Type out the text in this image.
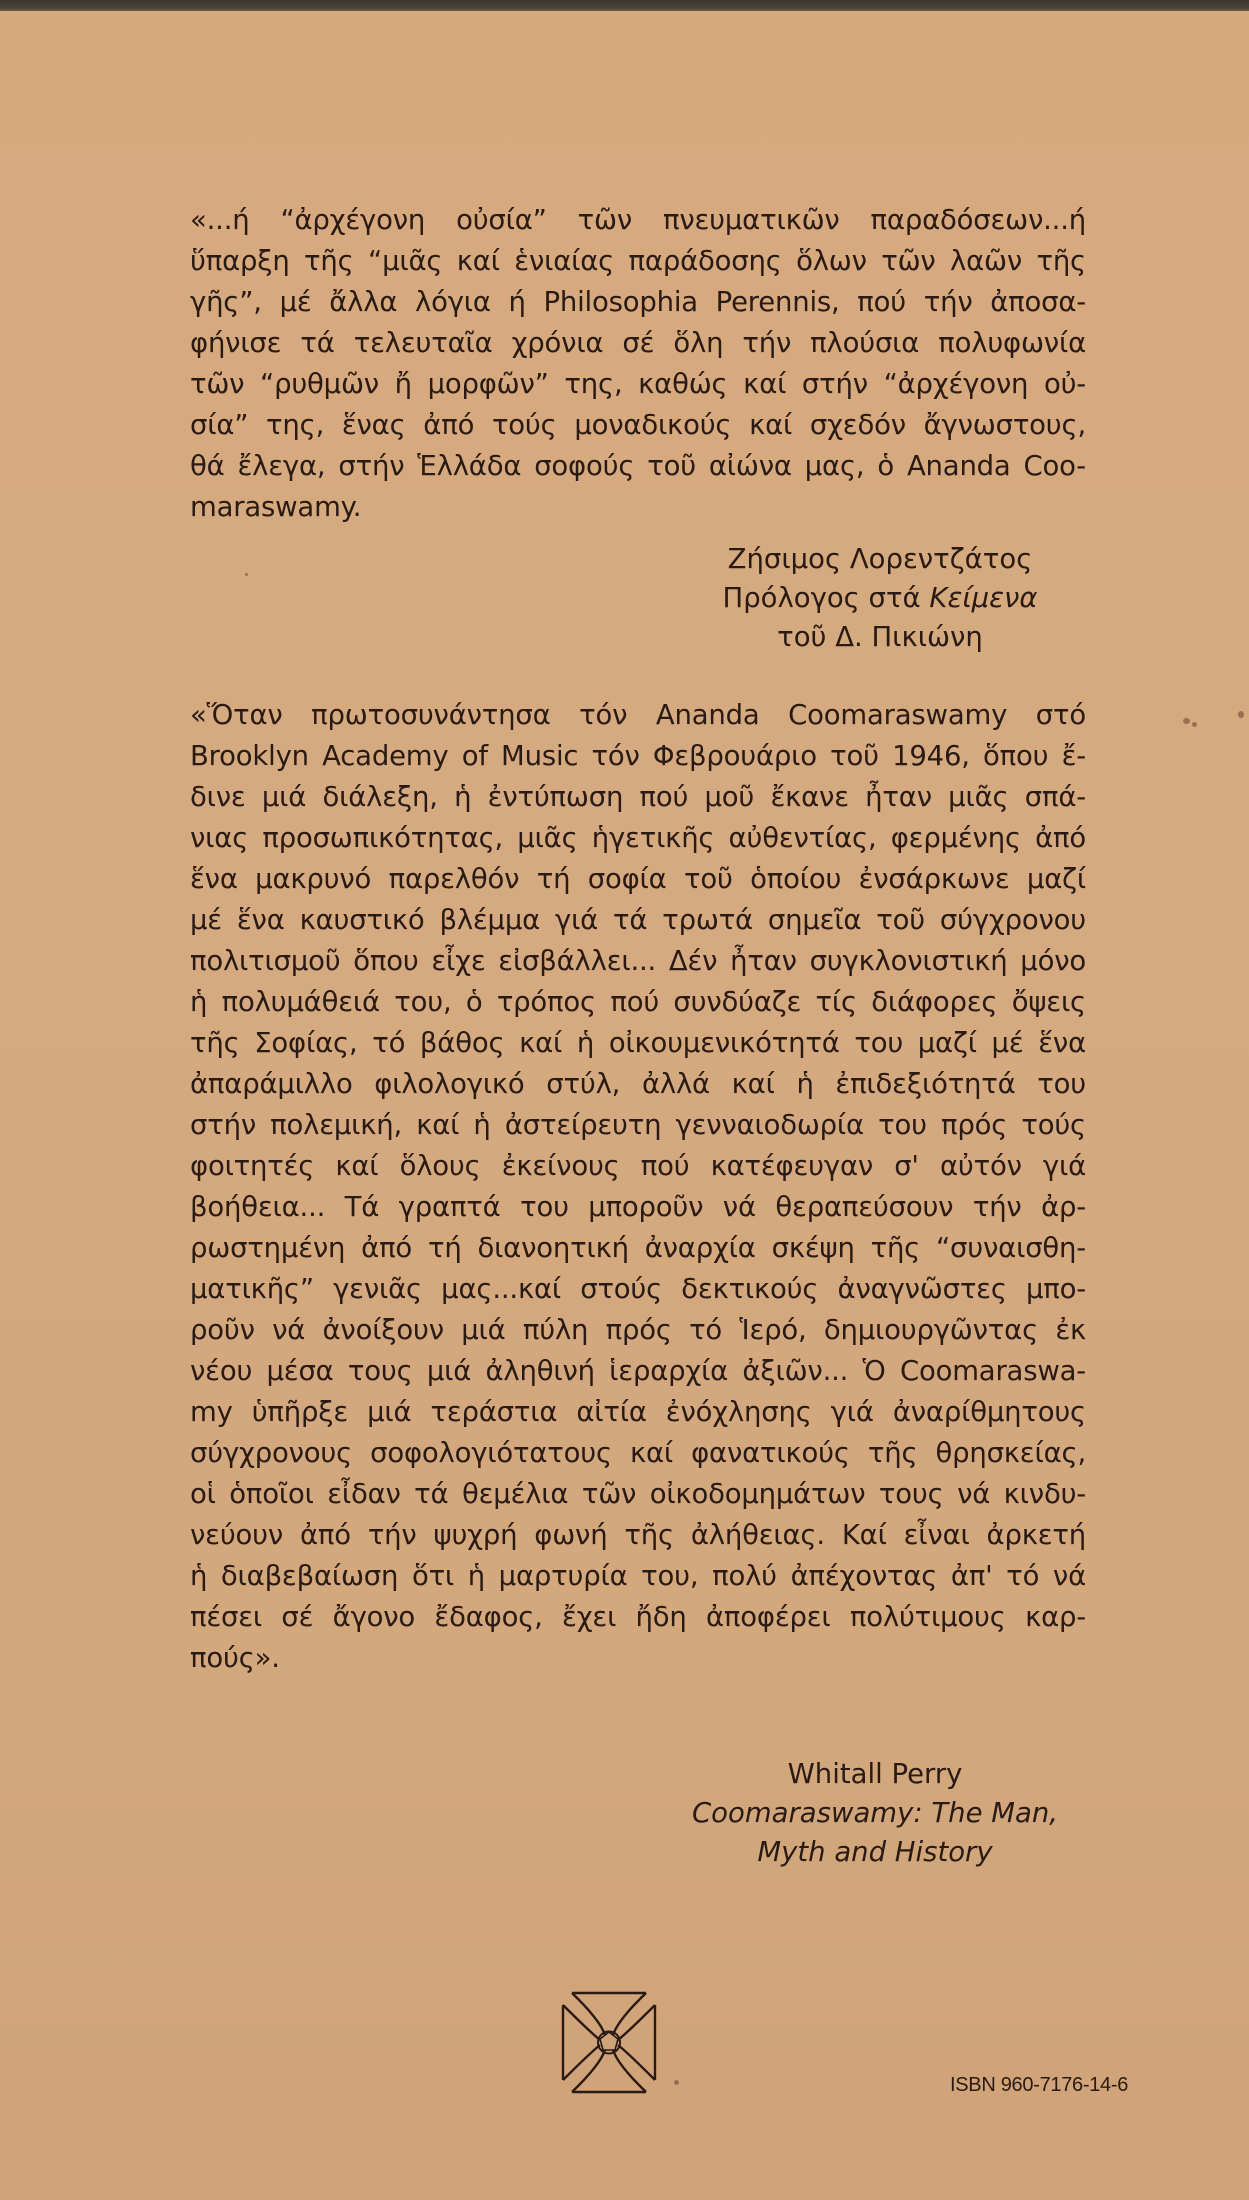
«...ή “ἀρχέγονη οὐσία” τῶν πνευματικῶν παραδόσεων...ή
ὕπαρξη τῆς “μιᾶς καί ἑνιαίας παράδοσης ὅλων τῶν λαῶν τῆς
γῆς”, μέ ἄλλα λόγια ή Philosophia Perennis, πού τήν ἀποσα-
φήνισε τά τελευταῖα χρόνια σέ ὅλη τήν πλούσια πολυφωνία
τῶν “ρυθμῶν ἤ μορφῶν” της, καθώς καί στήν “ἀρχέγονη οὐ-
σία” της, ἕνας ἀπό τούς μοναδικούς καί σχεδόν ἄγνωστους,
θά ἔλεγα, στήν Ἑλλάδα σοφούς τοῦ αἰώνα μας, ὁ Ananda Coo-
maraswamy.
Ζήσιμος Λορεντζάτος
Πρόλογος στά Κείμενα
τοῦ Δ. Πικιώνη
«Ὅταν πρωτοσυνάντησα τόν Ananda Coomaraswamy στό
Brooklyn Academy of Music τόν Φεβρουάριο τοῦ 1946, ὅπου ἔ-
δινε μιά διάλεξη, ἡ ἐντύπωση πού μοῦ ἔκανε ἦταν μιᾶς σπά-
νιας προσωπικότητας, μιᾶς ἡγετικῆς αὐθεντίας, φερμένης ἀπό
ἕνα μακρυνό παρελθόν τή σοφία τοῦ ὁποίου ἐνσάρκωνε μαζί
μέ ἕνα καυστικό βλέμμα γιά τά τρωτά σημεῖα τοῦ σύγχρονου
πολιτισμοῦ ὅπου εἶχε εἰσβάλλει... Δέν ἦταν συγκλονιστική μόνο
ἡ πολυμάθειά του, ὁ τρόπος πού συνδύαζε τίς διάφορες ὄψεις
τῆς Σοφίας, τό βάθος καί ἡ οἰκουμενικότητά του μαζί μέ ἕνα
ἀπαράμιλλο φιλολογικό στύλ, ἀλλά καί ἡ ἐπιδεξιότητά του
στήν πολεμική, καί ἡ ἀστείρευτη γενναιοδωρία του πρός τούς
φοιτητές καί ὅλους ἐκείνους πού κατέφευγαν σ' αὐτόν γιά
βοήθεια... Τά γραπτά του μποροῦν νά θεραπεύσουν τήν ἀρ-
ρωστημένη ἀπό τή διανοητική ἀναρχία σκέψη τῆς “συναισθη-
ματικῆς” γενιᾶς μας...καί στούς δεκτικούς ἀναγνῶστες μπο-
ροῦν νά ἀνοίξουν μιά πύλη πρός τό Ἱερό, δημιουργῶντας ἐκ
νέου μέσα τους μιά ἀληθινή ἱεραρχία ἀξιῶν... Ὁ Coomaraswa-
my ὑπῆρξε μιά τεράστια αἰτία ἐνόχλησης γιά ἀναρίθμητους
σύγχρονους σοφολογιότατους καί φανατικούς τῆς θρησκείας,
οἱ ὁποῖοι εἶδαν τά θεμέλια τῶν οἰκοδομημάτων τους νά κινδυ-
νεύουν ἀπό τήν ψυχρή φωνή τῆς ἀλήθειας. Καί εἶναι ἀρκετή
ἡ διαβεβαίωση ὅτι ἡ μαρτυρία του, πολύ ἀπέχοντας ἀπ' τό νά
πέσει σέ ἄγονο ἔδαφος, ἔχει ἤδη ἀποφέρει πολύτιμους καρ-
πούς».
Whitall Perry
Coomaraswamy: The Man,
Myth and History
ISBN 960-7176-14-6
